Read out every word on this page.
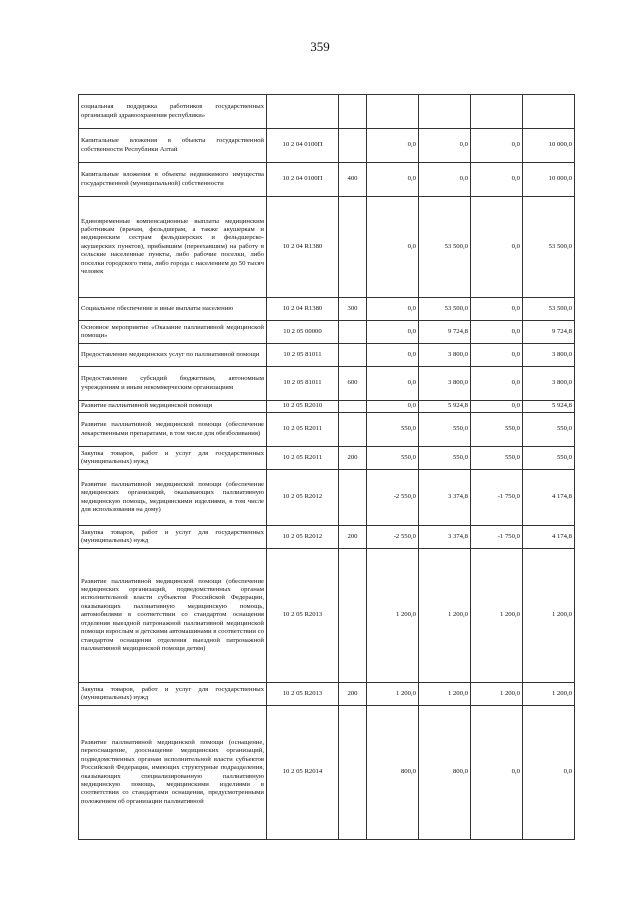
359
социальная поддержка работников государственных организаций здравоохранения республики»						
Капитальные вложения в объекты государственной собственности Республики Алтай	10 2 04 0100П		0,0	0,0	0,0	10 000,0
Капитальные вложения в объекты недвижимого имущества государственной (муниципальной) собственности	10 2 04 0100П	400	0,0	0,0	0,0	10 000,0
Единовременные компенсационные выплаты медицинским работникам (врачам, фельдшерам, а также акушеркам и медицинским сестрам фельдшерских и фельдшерско-акушерских пунктов), прибывшим (переехавшим) на работу в сельские населенные пункты, либо рабочие поселки, либо поселки городского типа, либо города с населением до 50 тысяч человек	10 2 04 R1380		0,0	53 500,0	0,0	53 500,0
Социальное обеспечение и иные выплаты населению	10 2 04 R1380	300	0,0	53 500,0	0,0	53 500,0
Основное мероприятие «Оказание паллиативной медицинской помощи»	10 2 05 00000		0,0	9 724,8	0,0	9 724,8
Предоставление медицинских услуг по паллиативной помощи	10 2 05 81011		0,0	3 800,0	0,0	3 800,0
Предоставление субсидий бюджетным, автономным учреждениям и иным некоммерческим организациям	10 2 05 81011	600	0,0	3 800,0	0,0	3 800,0
Развитие паллиативной медицинской помощи	10 2 05 R2010		0,0	5 924,8	0,0	5 924,8
Развитие паллиативной медицинской помощи (обеспечение лекарственными препаратами, в том числе для обезболивания)	10 2 05 R2011		550,0	550,0	550,0	550,0
Закупка товаров, работ и услуг для государственных (муниципальных) нужд	10 2 05 R2011	200	550,0	550,0	550,0	550,0
Развитие паллиативной медицинской помощи (обеспечение медицинских организаций, оказывающих паллиативную медицинскую помощь, медицинскими изделиями, в том числе для использования на дому)	10 2 05 R2012		-2 550,0	3 374,8	-1 750,0	4 174,8
Закупка товаров, работ и услуг для государственных (муниципальных) нужд	10 2 05 R2012	200	-2 550,0	3 374,8	-1 750,0	4 174,8
Развитие паллиативной медицинской помощи (обеспечение медицинских организаций, подведомственных органам исполнительной власти субъектов Российской Федерации, оказывающих паллиативную медицинскую помощь, автомобилями в соответствии со стандартом оснащения отделения выездной патронажной паллиативной медицинской помощи взрослым и детскими автомашинами в соответствии со стандартом оснащения отделения выездной патронажной паллиативной медицинской помощи детям)	10 2 05 R2013		1 200,0	1 200,0	1 200,0	1 200,0
Закупка товаров, работ и услуг для государственных (муниципальных) нужд	10 2 05 R2013	200	1 200,0	1 200,0	1 200,0	1 200,0
Развитие паллиативной медицинской помощи (оснащение, переоснащение, дооснащение медицинских организаций, подведомственных органам исполнительной власти субъектов Российской Федерации, имеющих структурные подразделения, оказывающих специализированную паллиативную медицинскую помощь, медицинскими изделиями в соответствии со стандартами оснащения, предусмотренными положением об организации паллиативной	10 2 05 R2014		800,0	800,0	0,0	0,0
